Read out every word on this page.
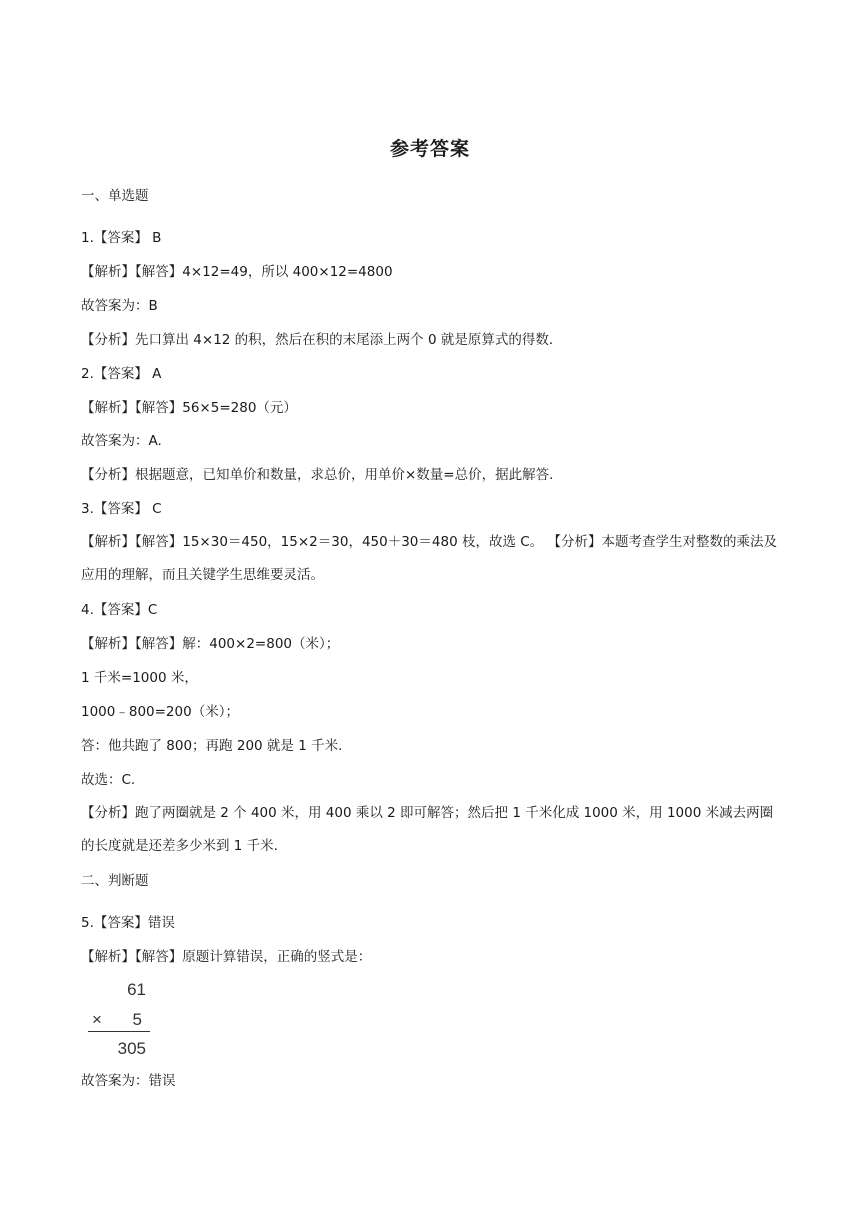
参考答案
一、单选题
1.【答案】 B
【解析】【解答】4×12=49，所以 400×12=4800
故答案为：B
【分析】先口算出 4×12 的积，然后在积的末尾添上两个 0 就是原算式的得数.
2.【答案】 A
【解析】【解答】56×5=280（元）
故答案为：A.
【分析】根据题意，已知单价和数量，求总价，用单价×数量=总价，据此解答.
3.【答案】 C
【解析】【解答】15×30＝450，15×2＝30，450＋30＝480 枝，故选 C。 【分析】本题考查学生对整数的乘法及应用的理解，而且关键学生思维要灵活。
4.【答案】C
【解析】【解答】解：400×2=800（米）；
1 千米=1000 米，
1000﹣800=200（米）；
答：他共跑了 800；再跑 200 就是 1 千米.
故选：C.
【分析】跑了两圈就是 2 个 400 米，用 400 乘以 2 即可解答；然后把 1 千米化成 1000 米，用 1000 米减去两圈的长度就是还差多少米到 1 千米.
二、判断题
5.【答案】错误
【解析】【解答】原题计算错误，正确的竖式是：
61
× 5
305
故答案为：错误
